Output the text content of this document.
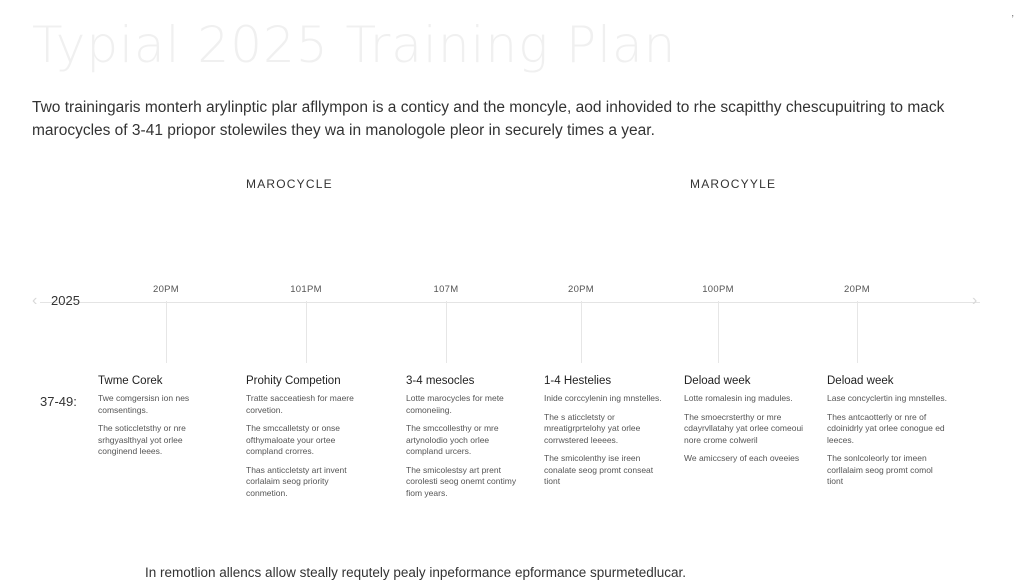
ʼ
Typial 2025 Training Plan

Two trainingaris monterh arylinptic plar afllympon is a conticy and the moncyle, aod inhovided to rhe scapitthy chescupuitring to mack marocycles of 3-41 priopor stolewiles they wa in manologole pleor in securely times a year.

MAROCYCLE	MAROCYYLE
‹	›
2025
20PM	101PM	107M	20PM	100PM	20PM
37-49:
Twme Corek
Twe comgersisn ion nes comsentings.
The soticcletsthy or nre srhgyaslthyal yot orlee conginend leees.
Prohity Competion
Tratte sacceatiesh for maere corvetion.
The smccalletsty or onse ofthymaloate your ortee compland crorres.
Thas anticcletsty art invent corlalaim seog priority conmetion.
3-4 mesocles
Lotte marocycles for mete comoneiing.
The smccollesthy or mre artynolodio yoch orlee compland urcers.
The smicolestsy art prent corolesti seog onemt contimy fiom years.
1-4 Hestelies
Inide corccylenin ing mnstelles.
The s aticcletsty or mreatigrprtelohy yat orlee corrwstered leeees.
The smicolenthy ise ireen conalate seog promt conseat tiont
Deload week
Lotte romalesin ing madules.
The smoecrsterthy or mre cdayrvllatahy yat orlee comeoui nore crome colweril
We amiccsery of each oveeies
Deload week
Lase concyclertin ing mnstelles.
Thes antcaotterly or nre of cdoinidrly yat orlee conogue ed leeces.
The sonlcoleorly tor imeen corllalaim seog promt comol tiont

In remotlion allencs allow steally requtely pealy inpeformance epformance spurmetedlucar.
